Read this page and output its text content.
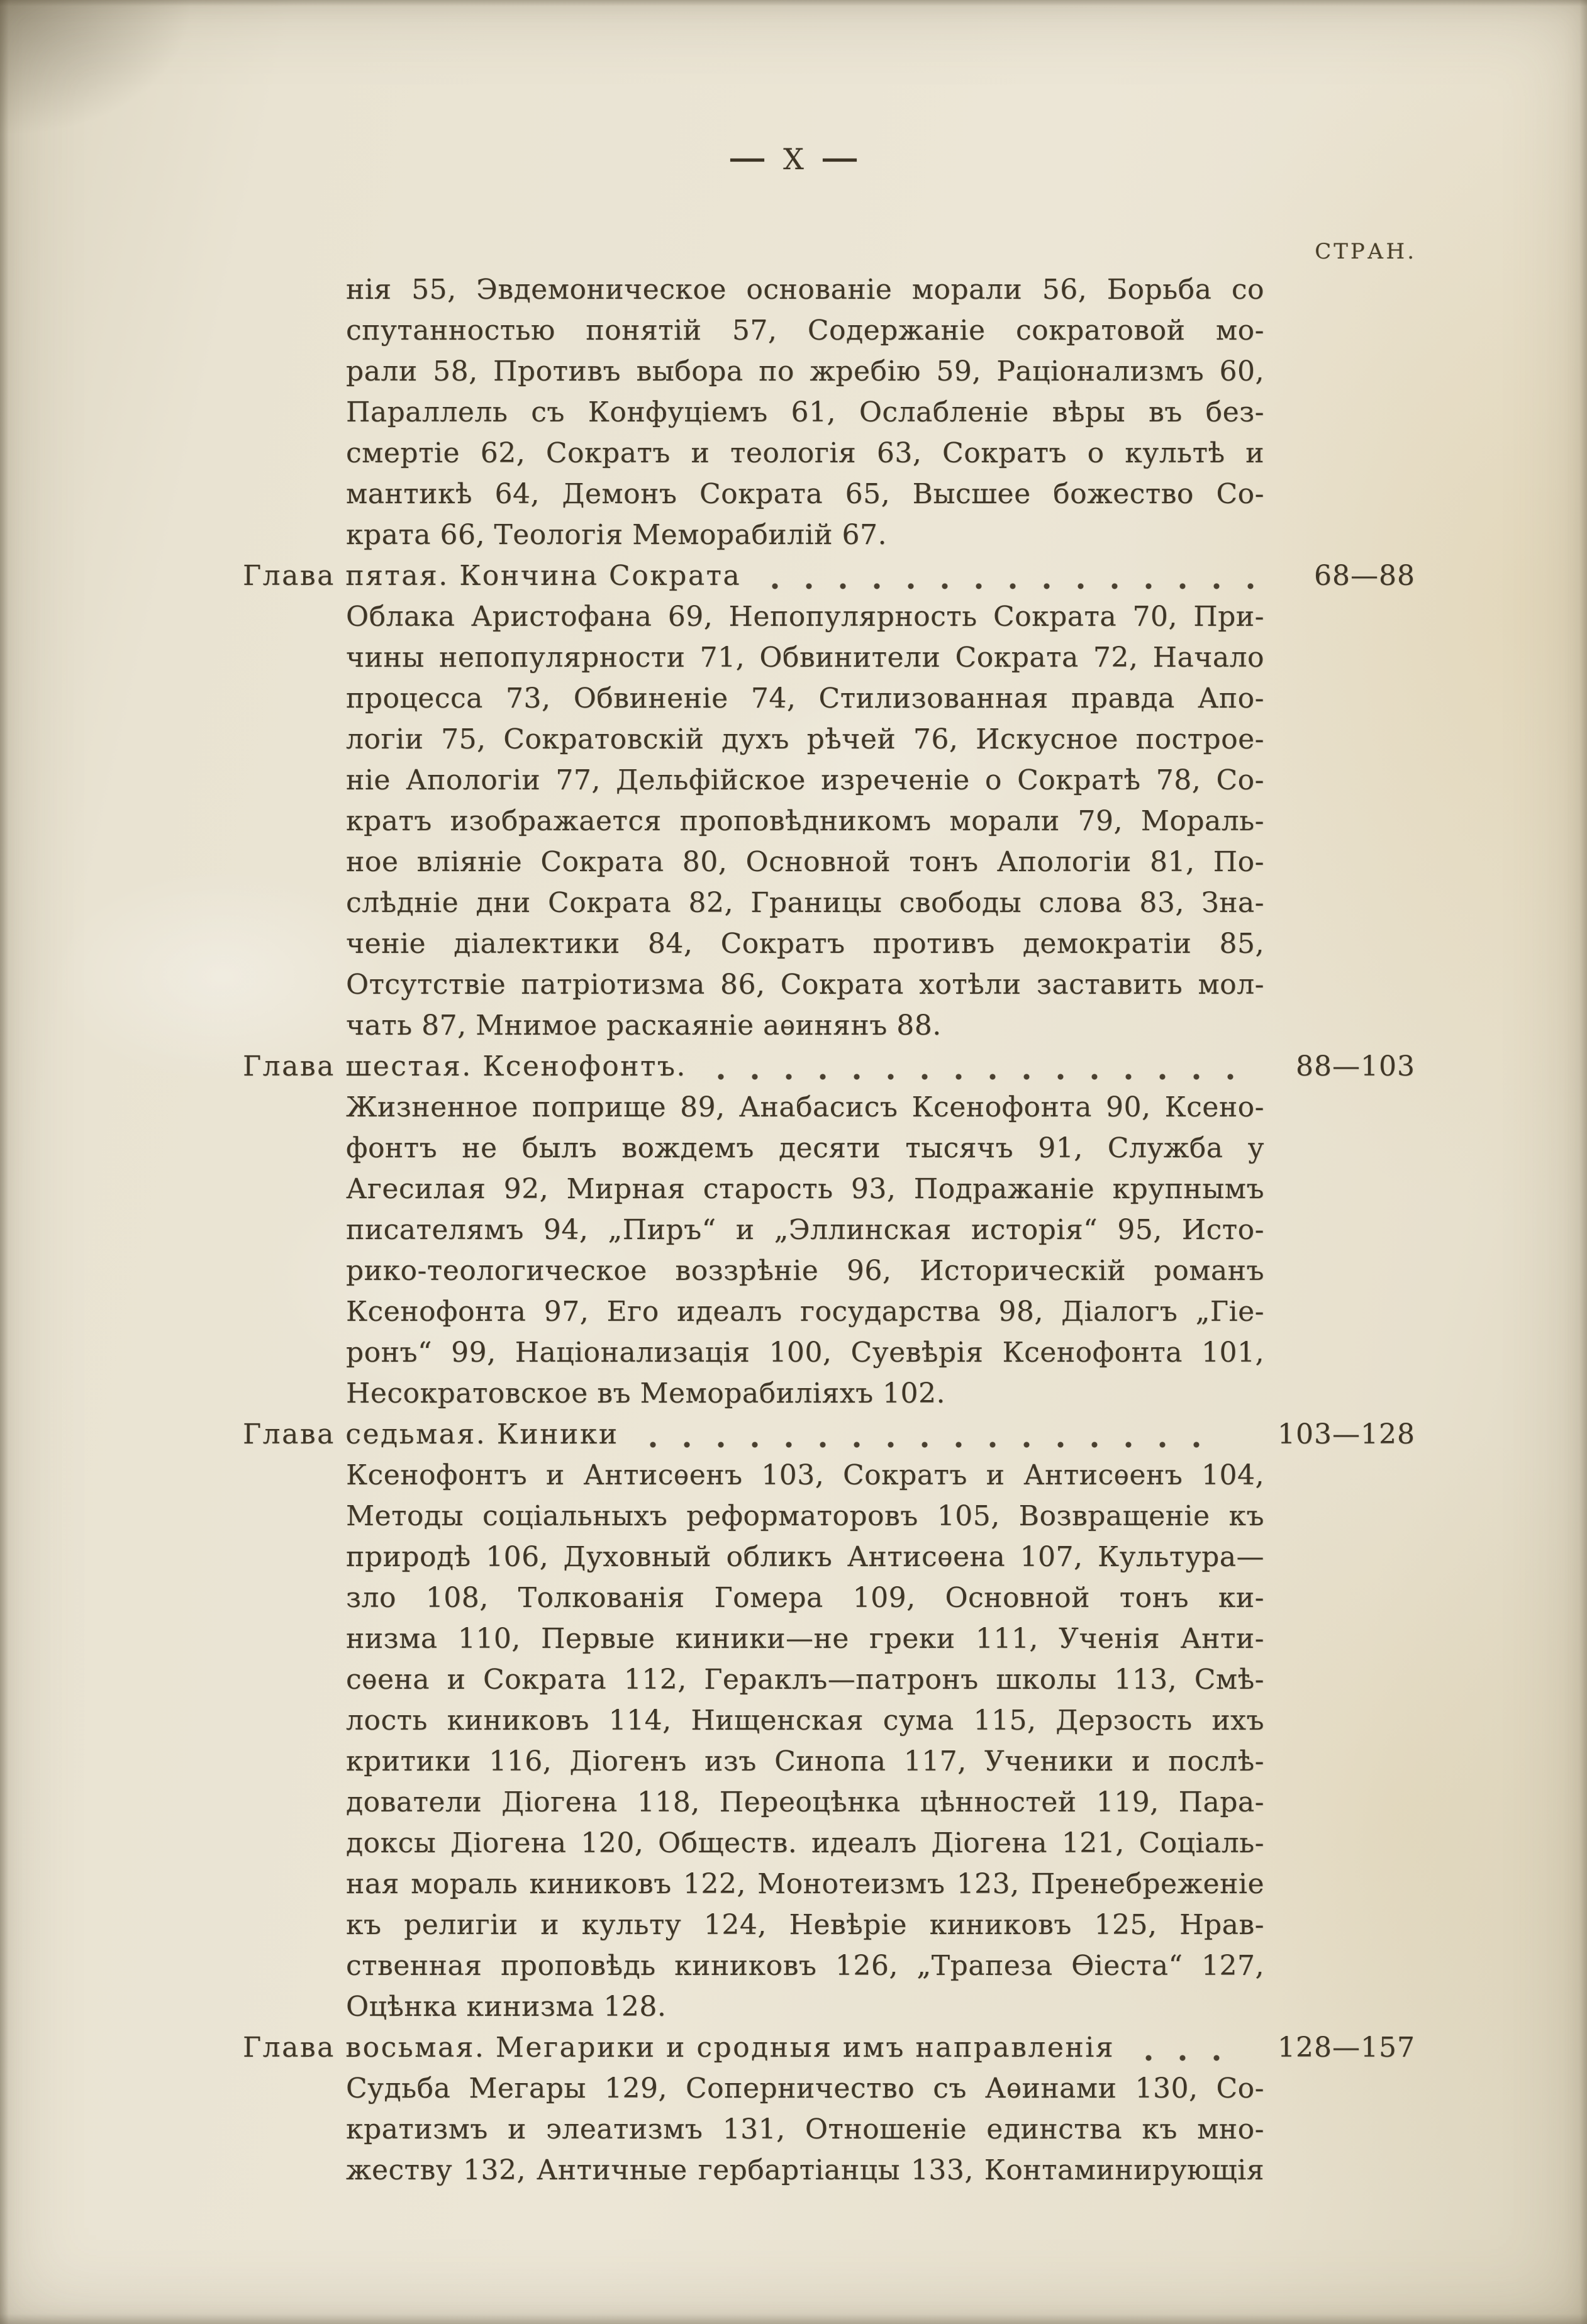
X
СТРАН.
нія 55, Эвдемоническое основаніе морали 56, Борьба со
спутанностью понятій 57, Содержаніе сократовой мо-
рали 58, Противъ выбора по жребію 59, Раціонализмъ 60,
Параллель съ Конфуціемъ 61, Ослабленіе вѣры въ без-
смертіе 62, Сократъ и теологія 63, Сократъ о культѣ и
мантикѣ 64, Демонъ Сократа 65, Высшее божество Со-
крата 66, Теологія Меморабилій 67.
Глава пятая. Кончина Сократа	68—88
Облака Аристофана 69, Непопулярность Сократа 70, При-
чины непопулярности 71, Обвинители Сократа 72, Начало
процесса 73, Обвиненіе 74, Стилизованная правда Апо-
логіи 75, Сократовскій духъ рѣчей 76, Искусное построе-
ніе Апологіи 77, Дельфійское изреченіе о Сократѣ 78, Со-
кратъ изображается проповѣдникомъ морали 79, Мораль-
ное вліяніе Сократа 80, Основной тонъ Апологіи 81, По-
слѣдніе дни Сократа 82, Границы свободы слова 83, Зна-
ченіе діалектики 84, Сократъ противъ демократіи 85,
Отсутствіе патріотизма 86, Сократа хотѣли заставить мол-
чать 87, Мнимое раскаяніе аѳинянъ 88.
Глава шестая. Ксенофонтъ.	88—103
Жизненное поприще 89, Анабасисъ Ксенофонта 90, Ксено-
фонтъ не былъ вождемъ десяти тысячъ 91, Служба у
Агесилая 92, Мирная старость 93, Подражаніе крупнымъ
писателямъ 94, „Пиръ“ и „Эллинская исторія“ 95, Исто-
рико-теологическое воззрѣніе 96, Историческій романъ
Ксенофонта 97, Его идеалъ государства 98, Діалогъ „Гіе-
ронъ“ 99, Націонализація 100, Суевѣрія Ксенофонта 101,
Несократовское въ Меморабиліяхъ 102.
Глава седьмая. Киники	103—128
Ксенофонтъ и Антисѳенъ 103, Сократъ и Антисѳенъ 104,
Методы соціальныхъ реформаторовъ 105, Возвращеніе къ
природѣ 106, Духовный обликъ Антисѳена 107, Культура—
зло 108, Толкованія Гомера 109, Основной тонъ ки-
низма 110, Первые киники—не греки 111, Ученія Анти-
сѳена и Сократа 112, Гераклъ—патронъ школы 113, Смѣ-
лость киниковъ 114, Нищенская сума 115, Дерзость ихъ
критики 116, Діогенъ изъ Синопа 117, Ученики и послѣ-
дователи Діогена 118, Переоцѣнка цѣнностей 119, Пара-
доксы Діогена 120, Обществ. идеалъ Діогена 121, Соціаль-
ная мораль киниковъ 122, Монотеизмъ 123, Пренебреженіе
къ религіи и культу 124, Невѣріе киниковъ 125, Нрав-
ственная проповѣдь киниковъ 126, „Трапеза Ѳіеста“ 127,
Оцѣнка кинизма 128.
Глава восьмая. Мегарики и сродныя имъ направленія	128—157
Судьба Мегары 129, Соперничество съ Аѳинами 130, Со-
кратизмъ и элеатизмъ 131, Отношеніе единства къ мно-
жеству 132, Античные гербартіанцы 133, Контаминирующія
